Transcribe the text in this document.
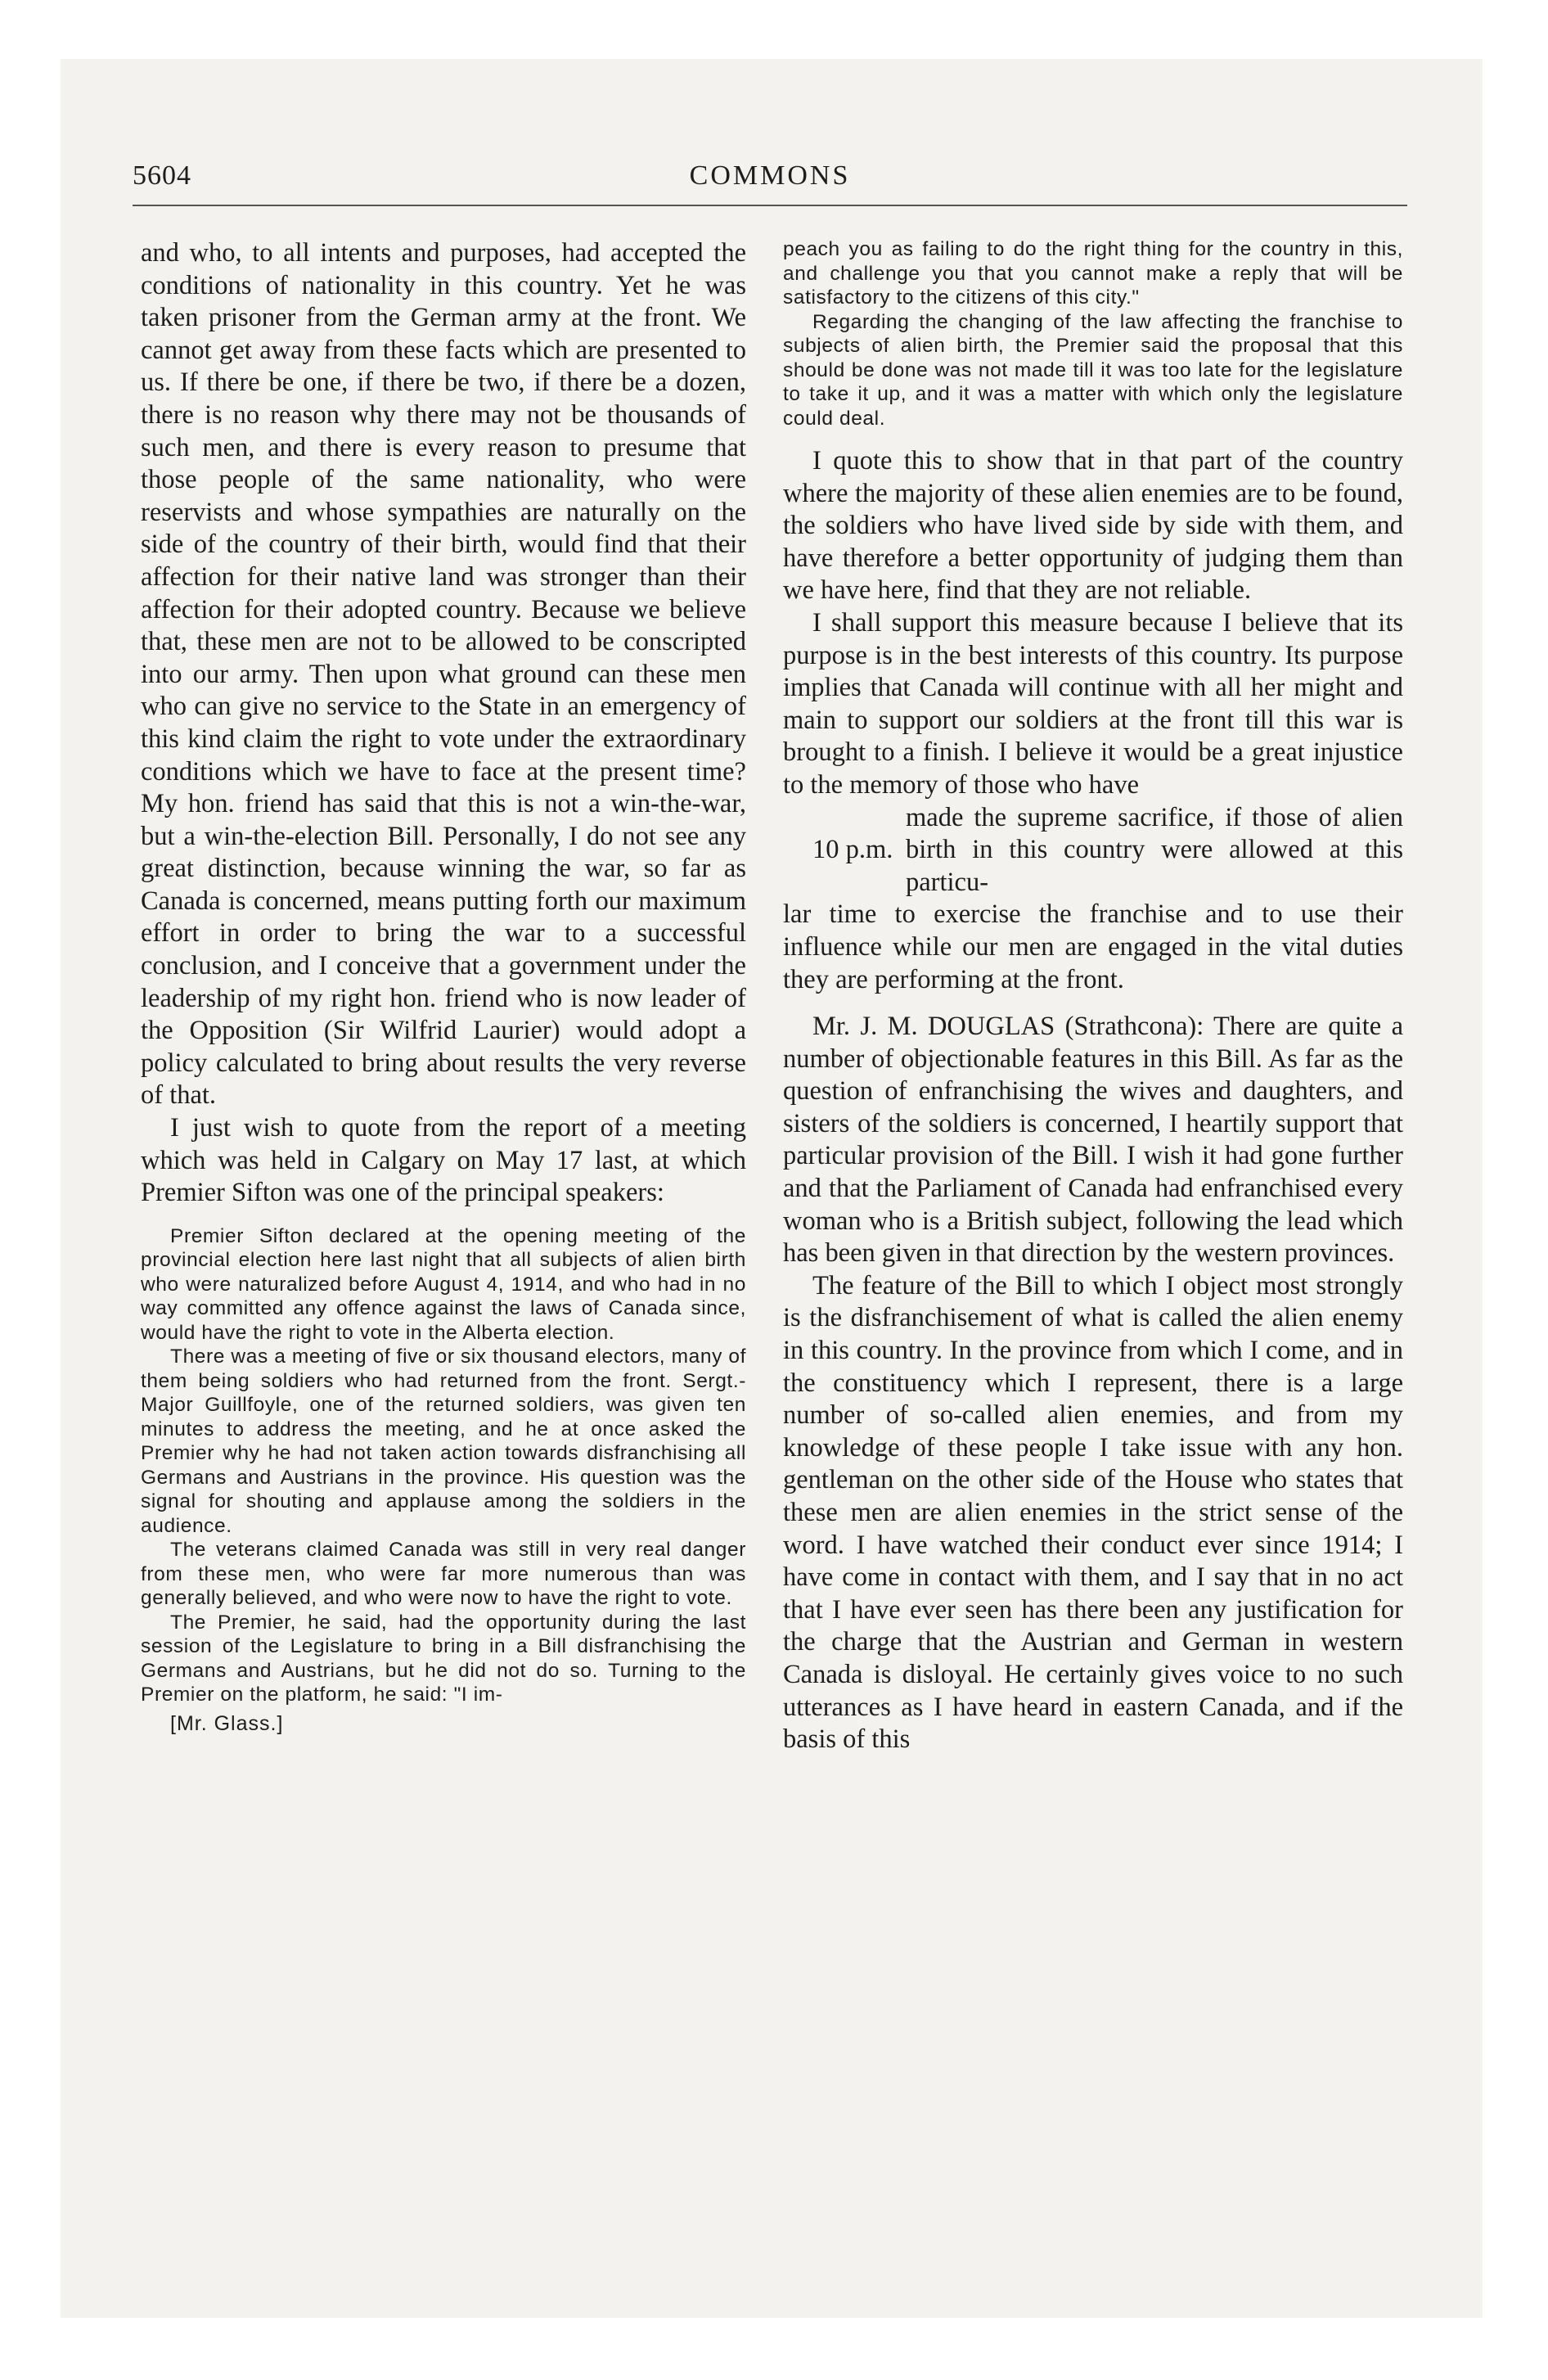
5604	COMMONS

and who, to all intents and purposes, had accepted the conditions of nationality in this country. Yet he was taken prisoner from the German army at the front. We cannot get away from these facts which are presented to us. If there be one, if there be two, if there be a dozen, there is no reason why there may not be thousands of such men, and there is every reason to presume that those people of the same nationality, who were reservists and whose sympathies are naturally on the side of the country of their birth, would find that their affection for their native land was stronger than their affection for their adopted country. Because we believe that, these men are not to be allowed to be conscripted into our army. Then upon what ground can these men who can give no service to the State in an emergency of this kind claim the right to vote under the extraordinary conditions which we have to face at the present time? My hon. friend has said that this is not a win-the-war, but a win-the-election Bill. Personally, I do not see any great distinction, because winning the war, so far as Canada is concerned, means putting forth our maximum effort in order to bring the war to a successful conclusion, and I conceive that a government under the leadership of my right hon. friend who is now leader of the Opposition (Sir Wilfrid Laurier) would adopt a policy calculated to bring about results the very reverse of that.

I just wish to quote from the report of a meeting which was held in Calgary on May 17 last, at which Premier Sifton was one of the principal speakers:

Premier Sifton declared at the opening meeting of the provincial election here last night that all subjects of alien birth who were naturalized before August 4, 1914, and who had in no way committed any offence against the laws of Canada since, would have the right to vote in the Alberta election.

There was a meeting of five or six thousand electors, many of them being soldiers who had returned from the front. Sergt.-Major Guillfoyle, one of the returned soldiers, was given ten minutes to address the meeting, and he at once asked the Premier why he had not taken action towards disfranchising all Germans and Austrians in the province. His question was the signal for shouting and applause among the soldiers in the audience.

The veterans claimed Canada was still in very real danger from these men, who were far more numerous than was generally believed, and who were now to have the right to vote.

The Premier, he said, had the opportunity during the last session of the Legislature to bring in a Bill disfranchising the Germans and Austrians, but he did not do so. Turning to the Premier on the platform, he said: "I im-

[Mr. Glass.]

peach you as failing to do the right thing for the country in this, and challenge you that you cannot make a reply that will be satisfactory to the citizens of this city."

Regarding the changing of the law affecting the franchise to subjects of alien birth, the Premier said the proposal that this should be done was not made till it was too late for the legislature to take it up, and it was a matter with which only the legislature could deal.

I quote this to show that in that part of the country where the majority of these alien enemies are to be found, the soldiers who have lived side by side with them, and have therefore a better opportunity of judging them than we have here, find that they are not reliable.

I shall support this measure because I believe that its purpose is in the best interests of this country. Its purpose implies that Canada will continue with all her might and main to support our soldiers at the front till this war is brought to a finish. I believe it would be a great injustice to the memory of those who have

10 p.m.

made the supreme sacrifice, if those of alien birth in this country were allowed at this particu-

lar time to exercise the franchise and to use their influence while our men are engaged in the vital duties they are performing at the front.

Mr. J. M. DOUGLAS (Strathcona): There are quite a number of objectionable features in this Bill. As far as the question of enfranchising the wives and daughters, and sisters of the soldiers is concerned, I heartily support that particular provision of the Bill. I wish it had gone further and that the Parliament of Canada had enfranchised every woman who is a British subject, following the lead which has been given in that direction by the western provinces.

The feature of the Bill to which I object most strongly is the disfranchisement of what is called the alien enemy in this country. In the province from which I come, and in the constituency which I represent, there is a large number of so-called alien enemies, and from my knowledge of these people I take issue with any hon. gentleman on the other side of the House who states that these men are alien enemies in the strict sense of the word. I have watched their conduct ever since 1914; I have come in contact with them, and I say that in no act that I have ever seen has there been any justification for the charge that the Austrian and German in western Canada is disloyal. He certainly gives voice to no such utterances as I have heard in eastern Canada, and if the basis of this
